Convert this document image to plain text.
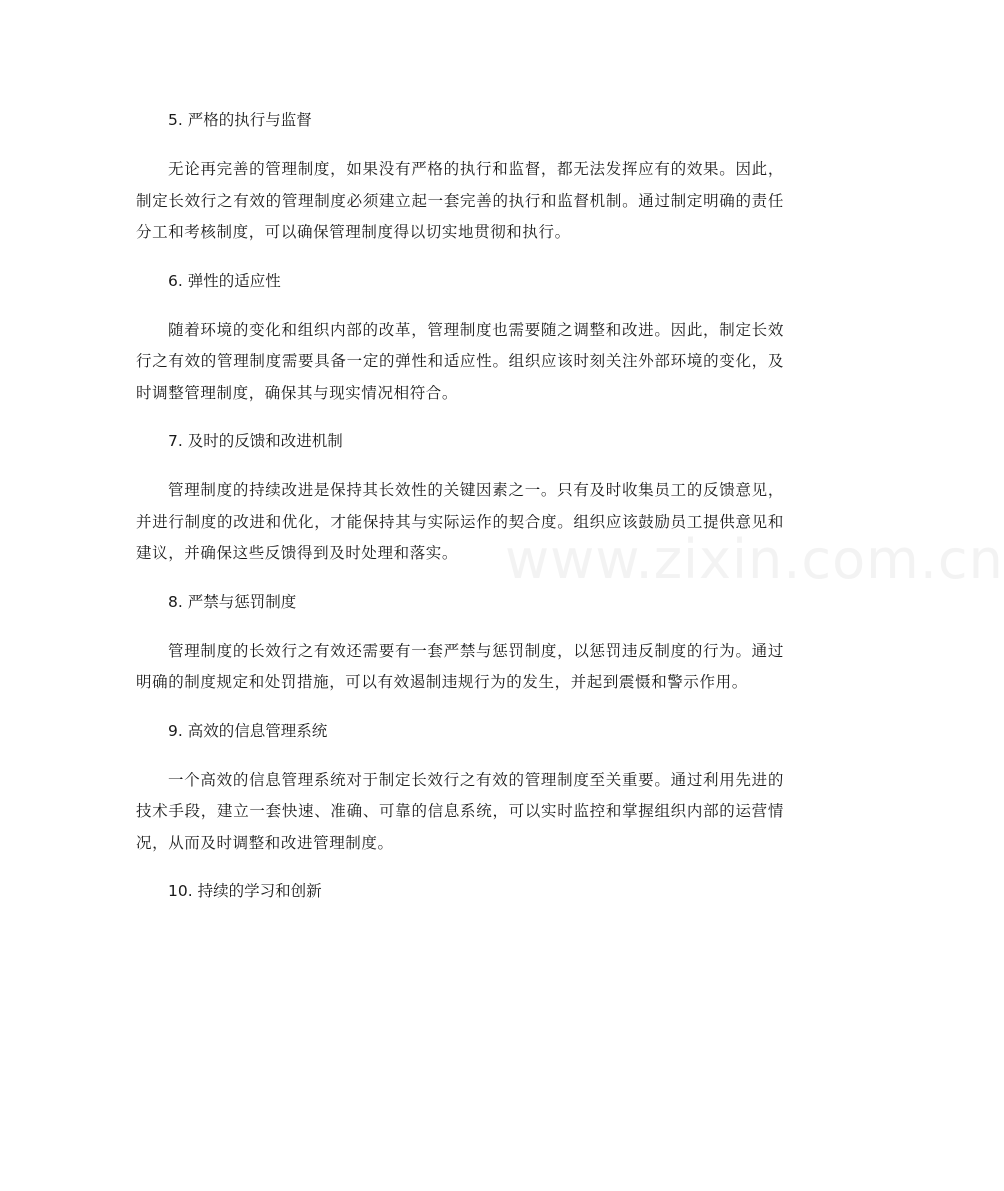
5. 严格的执行与监督

无论再完善的管理制度，如果没有严格的执行和监督，都无法发挥应有的效果。因此，制定长效行之有效的管理制度必须建立起一套完善的执行和监督机制。通过制定明确的责任分工和考核制度，可以确保管理制度得以切实地贯彻和执行。

6. 弹性的适应性

随着环境的变化和组织内部的改革，管理制度也需要随之调整和改进。因此，制定长效行之有效的管理制度需要具备一定的弹性和适应性。组织应该时刻关注外部环境的变化，及时调整管理制度，确保其与现实情况相符合。

7. 及时的反馈和改进机制

管理制度的持续改进是保持其长效性的关键因素之一。只有及时收集员工的反馈意见，并进行制度的改进和优化，才能保持其与实际运作的契合度。组织应该鼓励员工提供意见和建议，并确保这些反馈得到及时处理和落实。

8. 严禁与惩罚制度

管理制度的长效行之有效还需要有一套严禁与惩罚制度，以惩罚违反制度的行为。通过明确的制度规定和处罚措施，可以有效遏制违规行为的发生，并起到震慑和警示作用。

9. 高效的信息管理系统

一个高效的信息管理系统对于制定长效行之有效的管理制度至关重要。通过利用先进的技术手段，建立一套快速、准确、可靠的信息系统，可以实时监控和掌握组织内部的运营情况，从而及时调整和改进管理制度。

10. 持续的学习和创新

www.zixin.com.cn
